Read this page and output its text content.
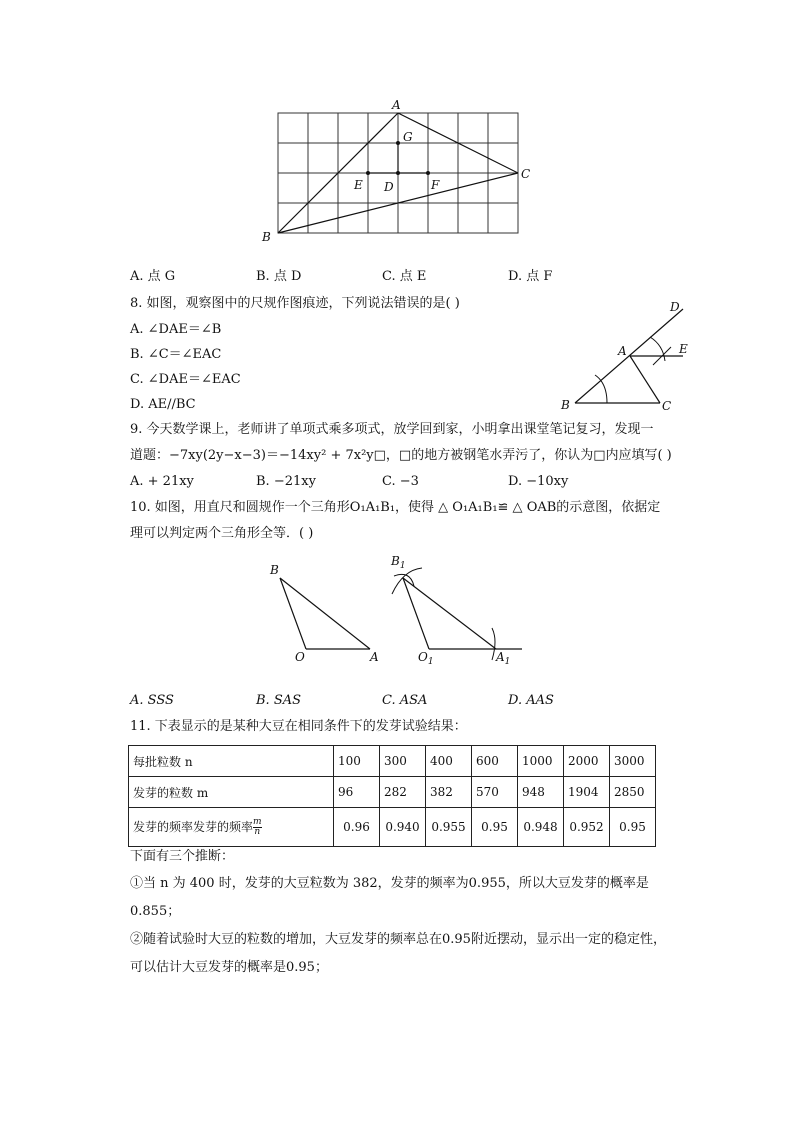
A
G
E D	F
C
B
A. 点 G	B. 点 D	C. 点 E	D. 点 F
8. 如图，观察图中的尺规作图痕迹，下列说法错误的是( )
A. ∠DAE＝∠B
B. ∠C＝∠EAC
C. ∠DAE＝∠EAC
D. AE//BC
D
A	E
B	C
9. 今天数学课上，老师讲了单项式乘多项式，放学回到家，小明拿出课堂笔记复习，发现一
道题：−7xy(2y−x−3)＝−14xy² + 7x²y□，□的地方被钢笔水弄污了，你认为□内应填写( )
A. + 21xy	B. −21xy	C. −3	D. −10xy
10. 如图，用直尺和圆规作一个三角形O₁A₁B₁，使得 △ O₁A₁B₁≌ △ OAB的示意图，依据定
理可以判定两个三角形全等．( )
B
O	A
$B_1$
$O_1$	$A_1$
A. SSS	B. SAS	C. ASA	D. AAS
11. 下表显示的是某种大豆在相同条件下的发芽试验结果：
每批粒数 n	100	300	400	600	1000	2000	3000
发芽的粒数 m	96	282	382	570	948	1904	2850
发芽的频率发芽的频率 $\frac{m}{n}$	0.96	0.940	0.955	0.95	0.948	0.952	0.95
下面有三个推断：
①当 n 为 400 时，发芽的大豆粒数为 382，发芽的频率为0.955，所以大豆发芽的概率是
0.855；
②随着试验时大豆的粒数的增加，大豆发芽的频率总在0.95附近摆动，显示出一定的稳定性，
可以估计大豆发芽的概率是0.95；
